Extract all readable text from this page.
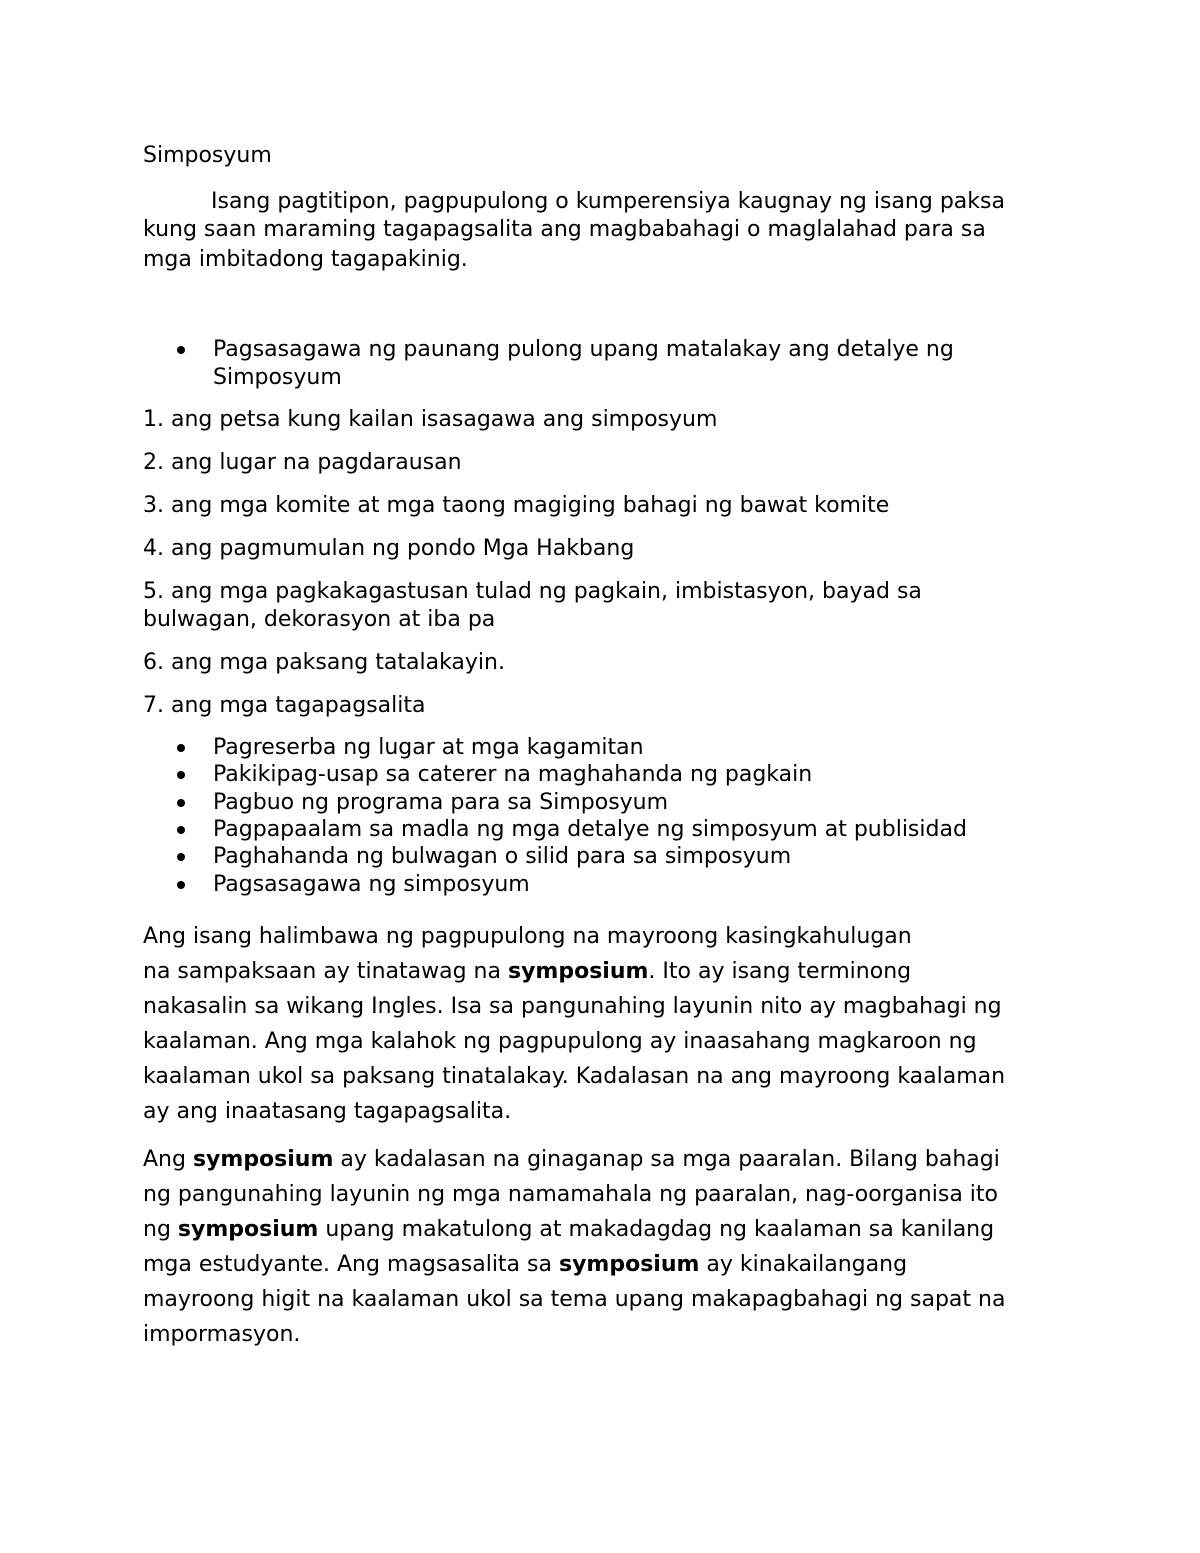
Simposyum
Isang pagtitipon, pagpupulong o kumperensiya kaugnay ng isang paksa
kung saan maraming tagapagsalita ang magbabahagi o maglalahad para sa
mga imbitadong tagapakinig.
Pagsasagawa ng paunang pulong upang matalakay ang detalye ng
Simposyum
1. ang petsa kung kailan isasagawa ang simposyum
2. ang lugar na pagdarausan
3. ang mga komite at mga taong magiging bahagi ng bawat komite
4. ang pagmumulan ng pondo Mga Hakbang
5. ang mga pagkakagastusan tulad ng pagkain, imbistasyon, bayad sa
bulwagan, dekorasyon at iba pa
6. ang mga paksang tatalakayin.
7. ang mga tagapagsalita
Pagreserba ng lugar at mga kagamitan
Pakikipag-usap sa caterer na maghahanda ng pagkain
Pagbuo ng programa para sa Simposyum
Pagpapaalam sa madla ng mga detalye ng simposyum at publisidad
Paghahanda ng bulwagan o silid para sa simposyum
Pagsasagawa ng simposyum
Ang isang halimbawa ng pagpupulong na mayroong kasingkahulugan
na sampaksaan ay tinatawag na symposium. Ito ay isang terminong
nakasalin sa wikang Ingles. Isa sa pangunahing layunin nito ay magbahagi ng
kaalaman. Ang mga kalahok ng pagpupulong ay inaasahang magkaroon ng
kaalaman ukol sa paksang tinatalakay. Kadalasan na ang mayroong kaalaman
ay ang inaatasang tagapagsalita.
Ang symposium ay kadalasan na ginaganap sa mga paaralan. Bilang bahagi
ng pangunahing layunin ng mga namamahala ng paaralan, nag-oorganisa ito
ng symposium upang makatulong at makadagdag ng kaalaman sa kanilang
mga estudyante. Ang magsasalita sa symposium ay kinakailangang
mayroong higit na kaalaman ukol sa tema upang makapagbahagi ng sapat na
impormasyon.
